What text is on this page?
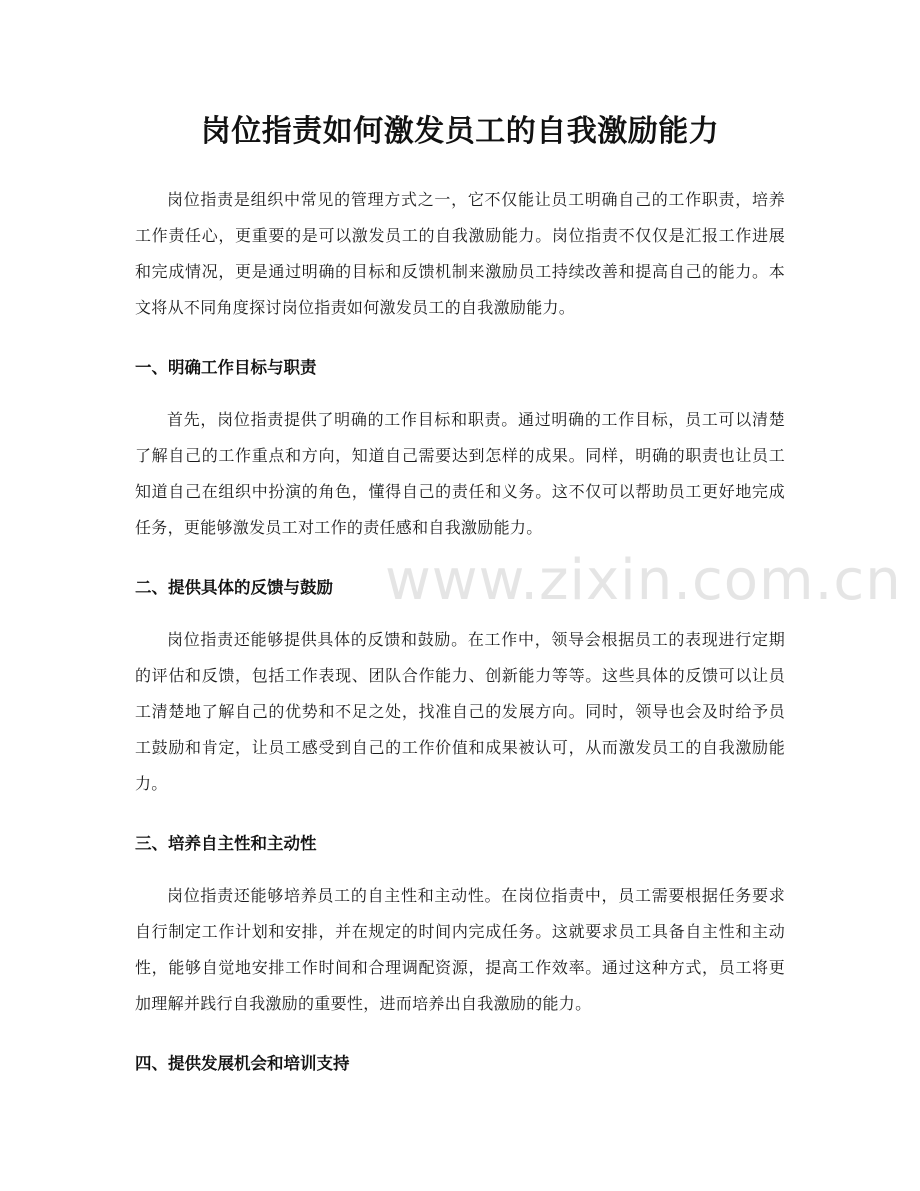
岗位指责如何激发员工的自我激励能力

岗位指责是组织中常见的管理方式之一，它不仅能让员工明确自己的工作职责，培养工作责任心，更重要的是可以激发员工的自我激励能力。岗位指责不仅仅是汇报工作进展和完成情况，更是通过明确的目标和反馈机制来激励员工持续改善和提高自己的能力。本文将从不同角度探讨岗位指责如何激发员工的自我激励能力。

一、明确工作目标与职责

首先，岗位指责提供了明确的工作目标和职责。通过明确的工作目标，员工可以清楚了解自己的工作重点和方向，知道自己需要达到怎样的成果。同样，明确的职责也让员工知道自己在组织中扮演的角色，懂得自己的责任和义务。这不仅可以帮助员工更好地完成任务，更能够激发员工对工作的责任感和自我激励能力。

二、提供具体的反馈与鼓励

岗位指责还能够提供具体的反馈和鼓励。在工作中，领导会根据员工的表现进行定期的评估和反馈，包括工作表现、团队合作能力、创新能力等等。这些具体的反馈可以让员工清楚地了解自己的优势和不足之处，找准自己的发展方向。同时，领导也会及时给予员工鼓励和肯定，让员工感受到自己的工作价值和成果被认可，从而激发员工的自我激励能力。

三、培养自主性和主动性

岗位指责还能够培养员工的自主性和主动性。在岗位指责中，员工需要根据任务要求自行制定工作计划和安排，并在规定的时间内完成任务。这就要求员工具备自主性和主动性，能够自觉地安排工作时间和合理调配资源，提高工作效率。通过这种方式，员工将更加理解并践行自我激励的重要性，进而培养出自我激励的能力。

四、提供发展机会和培训支持
www.zixin.com.cn
